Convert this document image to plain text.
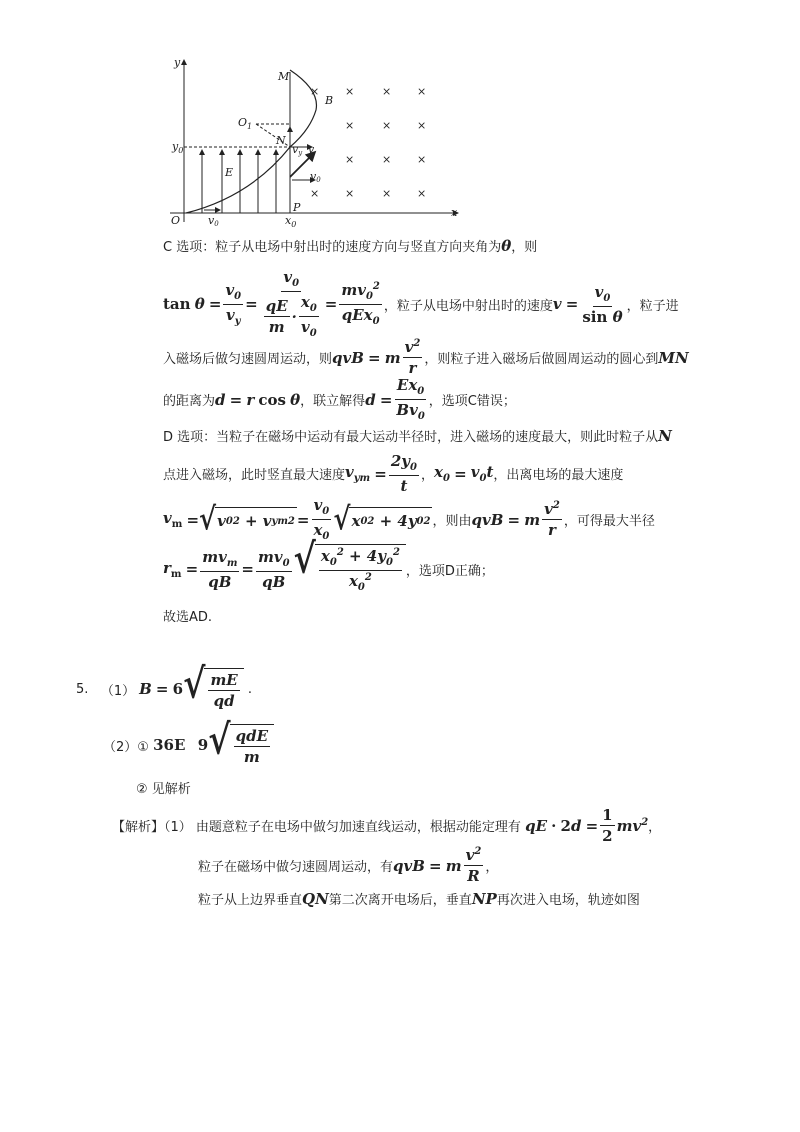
y
x
O
$y_0$
E
M
N
P
$x_0$
$O_1$
vy v
v0
v0
B
× ×	× ×
×	× ×
×	× ×
× ×	× ×
C 选项：粒子从电场中射出时的速度方向与竖直方向夹角为 θ ，则
tan
θ
= $\frac{v_0}{v_y} = \frac{v_0}{\frac{qE}{m} \cdot \frac{x_0}{v_0}} = \frac{mv_0^2}{qEx_0}$ ，粒子从电场中射出时的速度 v
= $\frac{v_0}{\text{sin θ}}$ ，粒子进
入磁场后做匀速圆周运动，则 qvB
=
m $\frac{v^2}{r}$ ，则粒子进入磁场后做圆周运动的圆心到 MN
的距离为 d
=
r
cos
θ ，联立解得 d
= $\frac{Ex_0}{Bv_0}$ ，选项C错误；
D 选项：当粒子在磁场中运动有最大运动半径时，进入磁场的速度最大，则此时粒子从 N
点进入磁场，此时竖直最大速度 $v_{ym}$
= $\frac{2y_0}{t}$ ， $x_0$
=
$v_0t$ ，出离电场的最大速度
$v_m$
= √ v 0 2 + v ym $2 = \frac{v_0}{x_0}$ √ x 0 2 + 4y 0 2 ，则由 qvB
=
m $\frac{v^2}{r}$ ，可得最大半径
$r_m$
= $\frac{mv_m}{qB} = \frac{mv_0}{qB}$ √ $\frac{x_0^2 + 4y_0^2}{x_0^2}$ ，选项D正确；
故选AD.
5.
（1） B
=
6 √ $\frac{mE}{qd}$
.
（2）①
36E
9 √ $\frac{\text{qdE}}{m}$
② 见解析
【解析】（1）
由题意粒子在电场中做匀加速直线运动，根据动能定理有
qE
·
2 d
= $\frac{1}{2} mv^2$ ，
粒子在磁场中做匀速圆周运动，有 qvB
=
m $\frac{v^2}{R}$ ，
粒子从上边界垂直 QN 第二次离开电场后，垂直 NP 再次进入电场，轨迹如图
